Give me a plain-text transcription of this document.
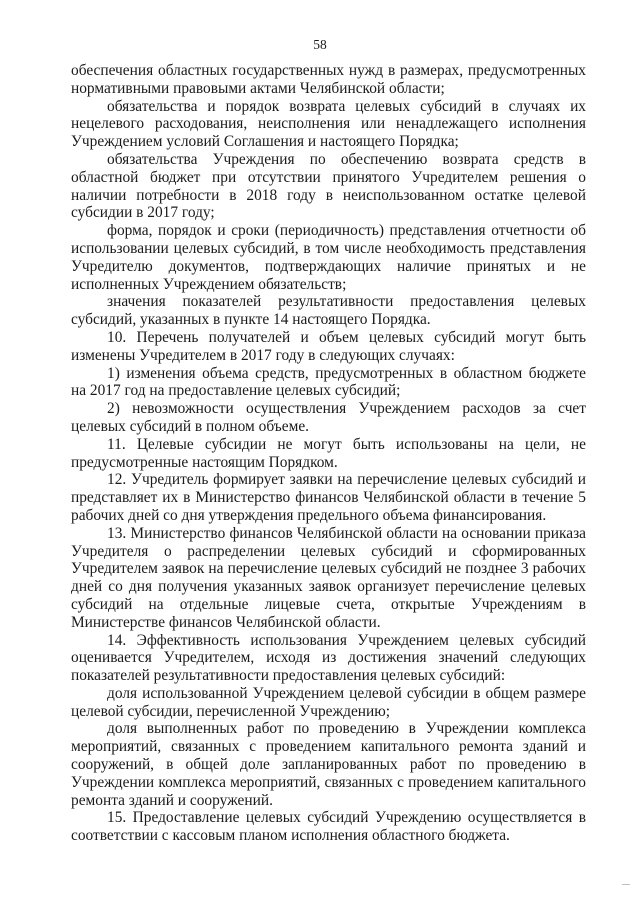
58

обеспечения областных государственных нужд в размерах, предусмотренных нормативными правовыми актами Челябинской области;

обязательства и порядок возврата целевых субсидий в случаях их нецелевого расходования, неисполнения или ненадлежащего исполнения Учреждением условий Соглашения и настоящего Порядка;

обязательства Учреждения по обеспечению возврата средств в областной бюджет при отсутствии принятого Учредителем решения о наличии потребности в 2018 году в неиспользованном остатке целевой субсидии в 2017 году;

форма, порядок и сроки (периодичность) представления отчетности об использовании целевых субсидий, в том числе необходимость представления Учредителю документов, подтверждающих наличие принятых и не исполненных Учреждением обязательств;

значения показателей результативности предоставления целевых субсидий, указанных в пункте 14 настоящего Порядка.

10. Перечень получателей и объем целевых субсидий могут быть изменены Учредителем в 2017 году в следующих случаях:

1) изменения объема средств, предусмотренных в областном бюджете на 2017 год на предоставление целевых субсидий;

2) невозможности осуществления Учреждением расходов за счет целевых субсидий в полном объеме.

11. Целевые субсидии не могут быть использованы на цели, не предусмотренные настоящим Порядком.

12. Учредитель формирует заявки на перечисление целевых субсидий и представляет их в Министерство финансов Челябинской области в течение 5 рабочих дней со дня утверждения предельного объема финансирования.

13. Министерство финансов Челябинской области на основании приказа Учредителя о распределении целевых субсидий и сформированных Учредителем заявок на перечисление целевых субсидий не позднее 3 рабочих дней со дня получения указанных заявок организует перечисление целевых субсидий на отдельные лицевые счета, открытые Учреждениям в Министерстве финансов Челябинской области.

14. Эффективность использования Учреждением целевых субсидий оценивается Учредителем, исходя из достижения значений следующих показателей результативности предоставления целевых субсидий:

доля использованной Учреждением целевой субсидии в общем размере целевой субсидии, перечисленной Учреждению;

доля выполненных работ по проведению в Учреждении комплекса мероприятий, связанных с проведением капитального ремонта зданий и сооружений, в общей доле запланированных работ по проведению в Учреждении комплекса мероприятий, связанных с проведением капитального ремонта зданий и сооружений.

15. Предоставление целевых субсидий Учреждению осуществляется в соответствии с кассовым планом исполнения областного бюджета.
